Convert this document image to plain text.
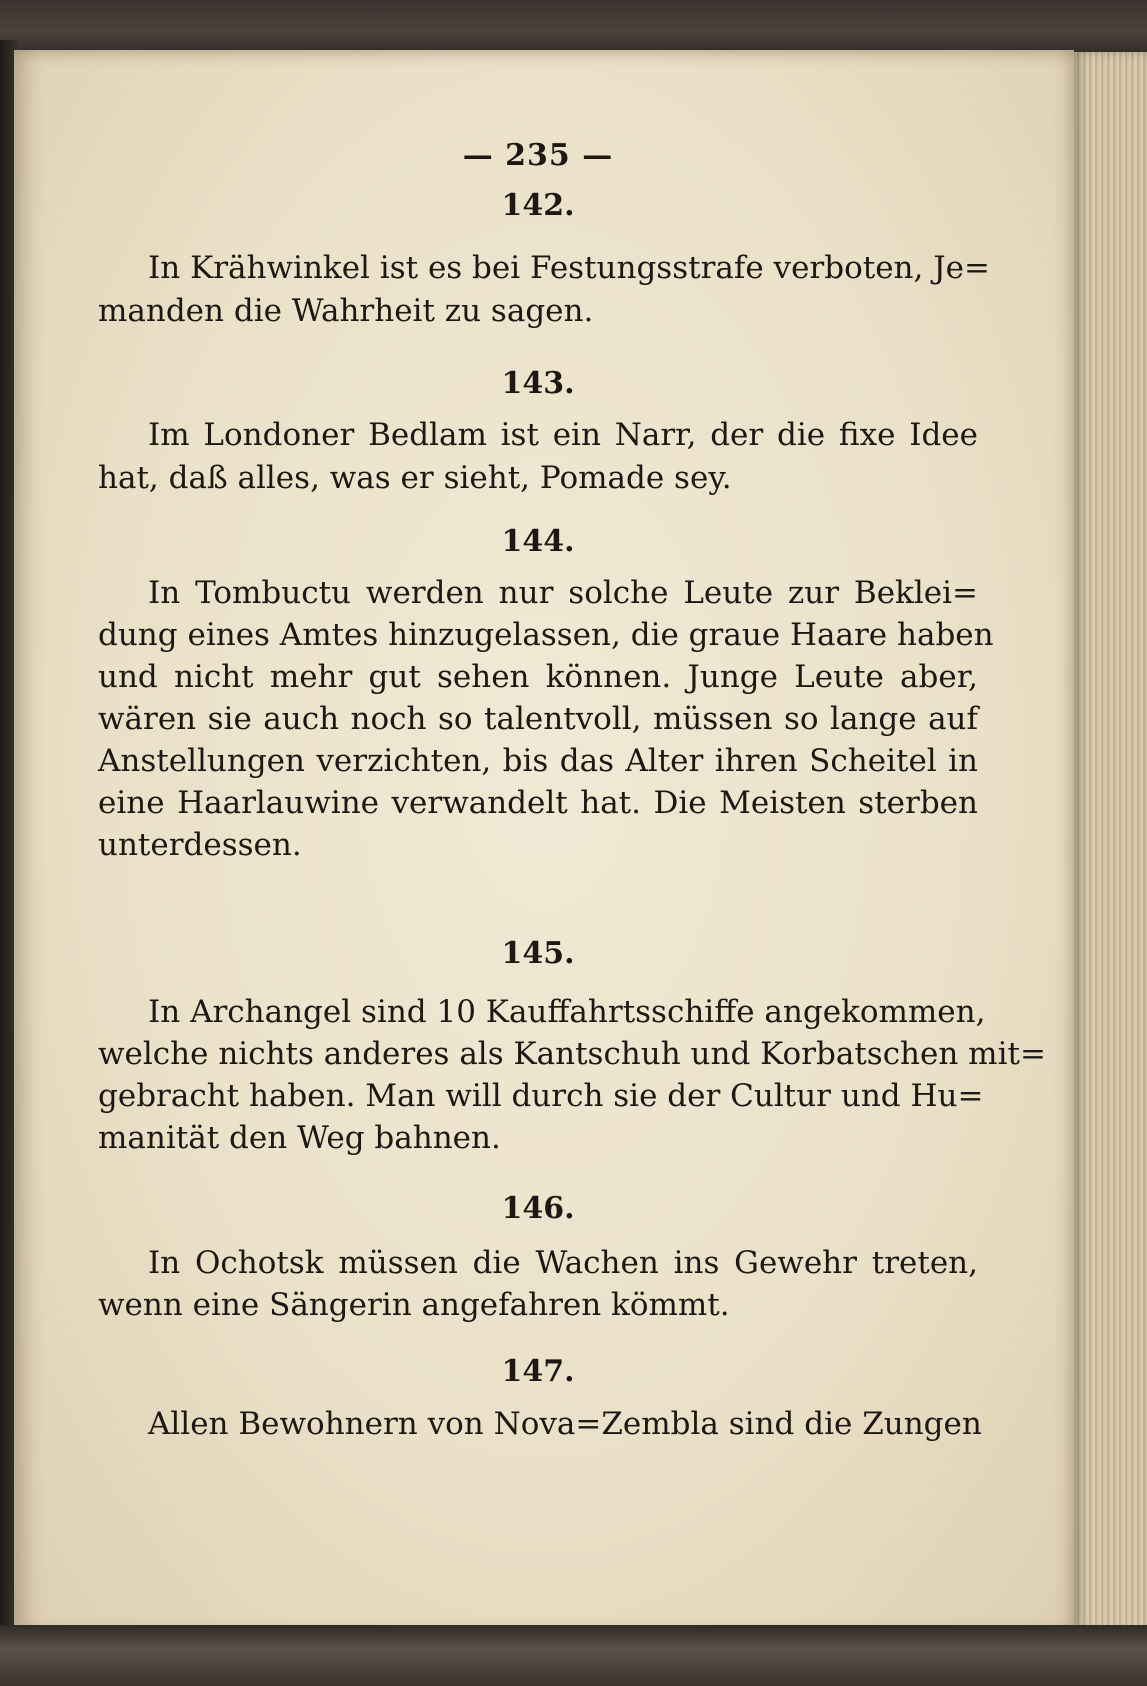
— 235 —
142.
In Krähwinkel ist es bei Festungsstrafe verboten, Je=
manden die Wahrheit zu sagen.
143.
Im Londoner Bedlam ist ein Narr, der die fixe Idee
hat, daß alles, was er sieht, Pomade sey.
144.
In Tombuctu werden nur solche Leute zur Beklei=
dung eines Amtes hinzugelassen, die graue Haare haben
und nicht mehr gut sehen können. Junge Leute aber,
wären sie auch noch so talentvoll, müssen so lange auf
Anstellungen verzichten, bis das Alter ihren Scheitel in
eine Haarlauwine verwandelt hat. Die Meisten sterben
unterdessen.
145.
In Archangel sind 10 Kauffahrtsschiffe angekommen,
welche nichts anderes als Kantschuh und Korbatschen mit=
gebracht haben. Man will durch sie der Cultur und Hu=
manität den Weg bahnen.
146.
In Ochotsk müssen die Wachen ins Gewehr treten,
wenn eine Sängerin angefahren kömmt.
147.
Allen Bewohnern von Nova=Zembla sind die Zungen
